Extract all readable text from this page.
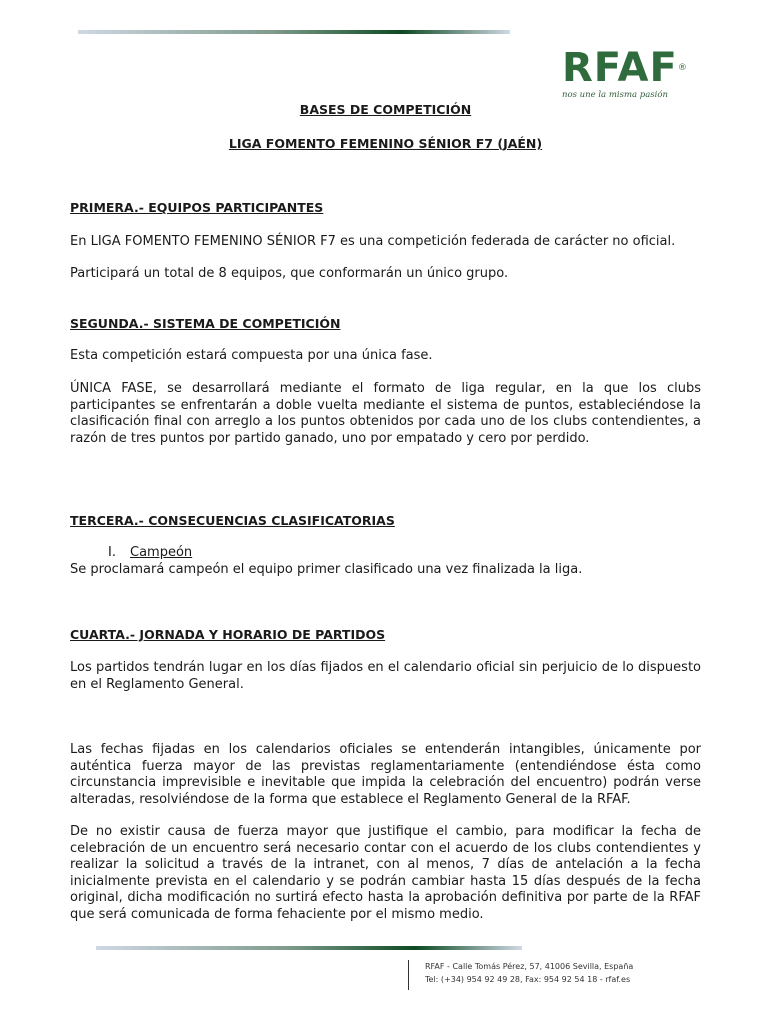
RFAF®
nos une la misma pasión

BASES DE COMPETICIÓN

LIGA FOMENTO FEMENINO SÉNIOR F7 (JAÉN)

PRIMERA.- EQUIPOS PARTICIPANTES

En LIGA FOMENTO FEMENINO SÉNIOR F7 es una competición federada de carácter no oficial.

Participará un total de 8 equipos, que conformarán un único grupo.

SEGUNDA.- SISTEMA DE COMPETICIÓN

Esta competición estará compuesta por una única fase.

ÚNICA FASE, se desarrollará mediante el formato de liga regular, en la que los clubs participantes se enfrentarán a doble vuelta mediante el sistema de puntos, estableciéndose la clasificación final con arreglo a los puntos obtenidos por cada uno de los clubs contendientes, a razón de tres puntos por partido ganado, uno por empatado y cero por perdido.

TERCERA.- CONSECUENCIAS CLASIFICATORIAS

I.	Campeón

Se proclamará campeón el equipo primer clasificado una vez finalizada la liga.

CUARTA.- JORNADA Y HORARIO DE PARTIDOS

Los partidos tendrán lugar en los días fijados en el calendario oficial sin perjuicio de lo dispuesto en el Reglamento General.

Las fechas fijadas en los calendarios oficiales se entenderán intangibles, únicamente por auténtica fuerza mayor de las previstas reglamentariamente (entendiéndose ésta como circunstancia imprevisible e inevitable que impida la celebración del encuentro) podrán verse alteradas, resolviéndose de la forma que establece el Reglamento General de la RFAF.

De no existir causa de fuerza mayor que justifique el cambio, para modificar la fecha de celebración de un encuentro será necesario contar con el acuerdo de los clubs contendientes y realizar la solicitud a través de la intranet, con al menos, 7 días de antelación a la fecha inicialmente prevista en el calendario y se podrán cambiar hasta 15 días después de la fecha original, dicha modificación no surtirá efecto hasta la aprobación definitiva por parte de la RFAF que será comunicada de forma fehaciente por el mismo medio.

RFAF - Calle Tomás Pérez, 57, 41006 Sevilla, España
Tel: (+34) 954 92 49 28, Fax: 954 92 54 18 - rfaf.es
